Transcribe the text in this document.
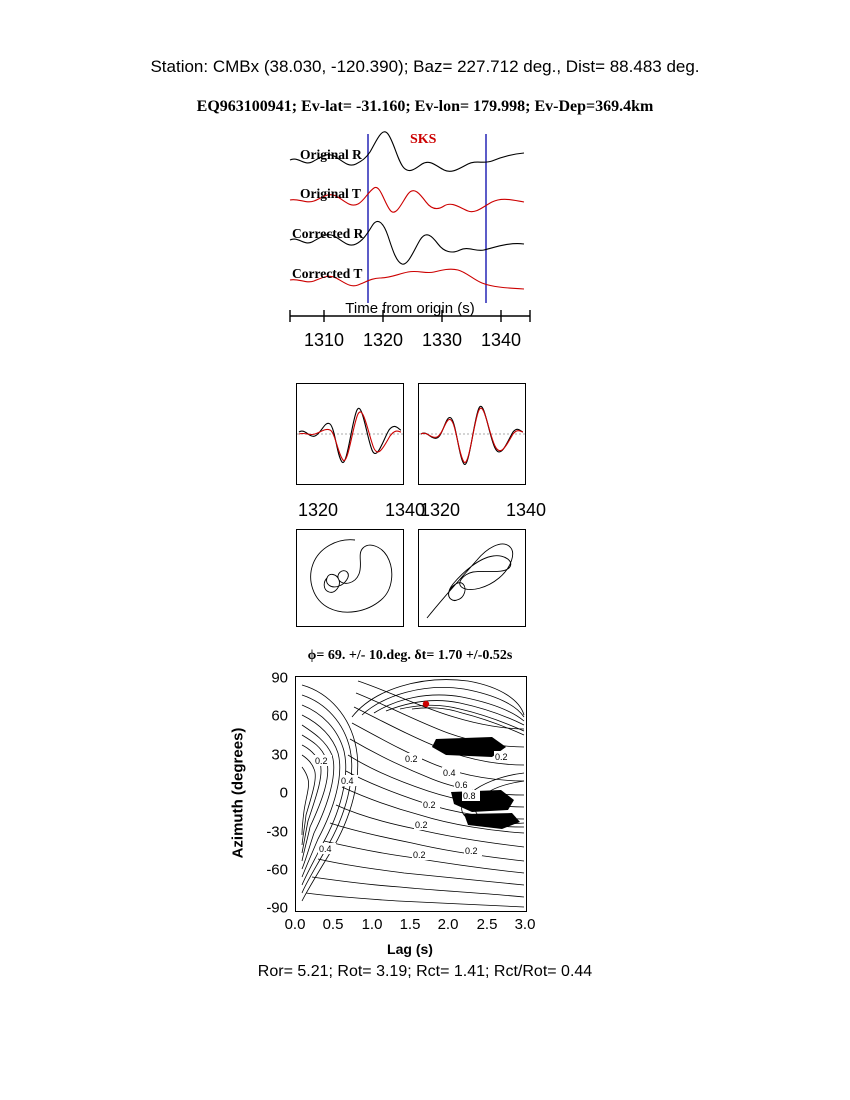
Station: CMBx (38.030, -120.390); Baz= 227.712 deg., Dist= 88.483 deg.
EQ963100941; Ev-lat= -31.160; Ev-lon= 179.998; Ev-Dep=369.4km
SKS
Original R
Original T
Corrected R
Corrected T
Time from origin (s)
1310 1320 1330 1340
1320	1340
1320	1340
ϕ= 69. +/- 10.deg. δt= 1.70 +/-0.52s
0.2	0.2	0.2
0.4
0.4	0.6
0.8
0.2
0.2
0.4
0.2	0.2
Azimuth (degrees)
90
60
30
0
-30
-60
-90
0.0 0.5 1.0 1.5 2.0 2.5 3.0
Lag (s)
Ror= 5.21; Rot= 3.19; Rct= 1.41; Rct/Rot= 0.44
